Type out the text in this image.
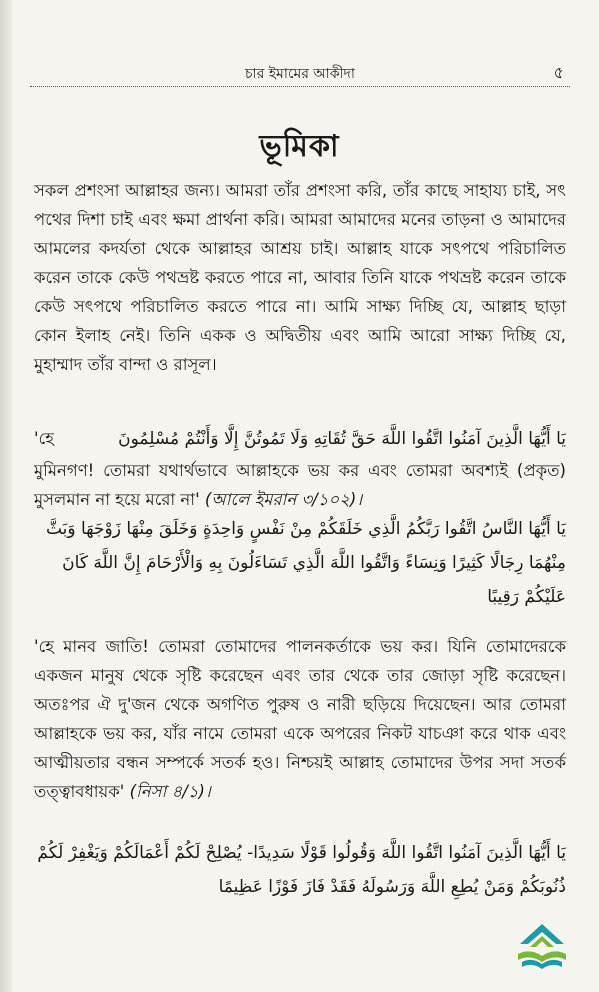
চার ইমামের আকীদা	৫
ভূমিকা

সকল প্রশংসা আল্লাহর জন্য। আমরা তাঁর প্রশংসা করি, তাঁর কাছে সাহায্য চাই, সৎ পথের দিশা চাই এবং ক্ষমা প্রার্থনা করি। আমরা আমাদের মনের তাড়না ও আমাদের আমলের কদর্যতা থেকে আল্লাহর আশ্রয় চাই। আল্লাহ যাকে সৎপথে পরিচালিত করেন তাকে কেউ পথভ্রষ্ট করতে পারে না, আবার তিনি যাকে পথভ্রষ্ট করেন তাকে কেউ সৎপথে পরিচালিত করতে পারে না। আমি সাক্ষ্য দিচ্ছি যে, আল্লাহ ছাড়া কোন ইলাহ নেই। তিনি একক ও অদ্বিতীয় এবং আমি আরো সাক্ষ্য দিচ্ছি যে, মুহাম্মাদ তাঁর বান্দা ও রাসূল।

يَا أَيُّهَا الَّذِينَ آمَنُوا اتَّقُوا اللَّهَ حَقَّ تُقَاتِهِ وَلَا تَمُوتُنَّ إِلَّا وَأَنْتُمْ مُسْلِمُونَ
'হে

মুমিনগণ! তোমরা যথার্থভাবে আল্লাহকে ভয় কর এবং তোমরা অবশ্যই (প্রকৃত) মুসলমান না হয়ে মরো না' (আলে ইমরান ৩/১০২)।

يَا أَيُّهَا النَّاسُ اتَّقُوا رَبَّكُمُ الَّذِي خَلَقَكُمْ مِنْ نَفْسٍ وَاحِدَةٍ وَخَلَقَ مِنْهَا زَوْجَهَا وَبَثَّ مِنْهُمَا رِجَالًا كَثِيرًا وَنِسَاءً وَاتَّقُوا اللَّهَ الَّذِي تَسَاءَلُونَ بِهِ وَالْأَرْحَامَ إِنَّ اللَّهَ كَانَ عَلَيْكُمْ رَقِيبًا

'হে মানব জাতি! তোমরা তোমাদের পালনকর্তাকে ভয় কর। যিনি তোমাদেরকে একজন মানুষ থেকে সৃষ্টি করেছেন এবং তার থেকে তার জোড়া সৃষ্টি করেছেন। অতঃপর ঐ দু'জন থেকে অগণিত পুরুষ ও নারী ছড়িয়ে দিয়েছেন। আর তোমরা আল্লাহকে ভয় কর, যাঁর নামে তোমরা একে অপরের নিকট যাচঞা করে থাক এবং আত্মীয়তার বন্ধন সম্পর্কে সতর্ক হও। নিশ্চয়ই আল্লাহ তোমাদের উপর সদা সতর্ক তত্ত্বাবধায়ক' (নিসা ৪/১)।

يَا أَيُّهَا الَّذِينَ آمَنُوا اتَّقُوا اللَّهَ وَقُولُوا قَوْلًا سَدِيدًا- يُصْلِحْ لَكُمْ أَعْمَالَكُمْ وَيَغْفِرْ لَكُمْ ذُنُوبَكُمْ وَمَنْ يُطِعِ اللَّهَ وَرَسُولَهُ فَقَدْ فَازَ فَوْزًا عَظِيمًا
